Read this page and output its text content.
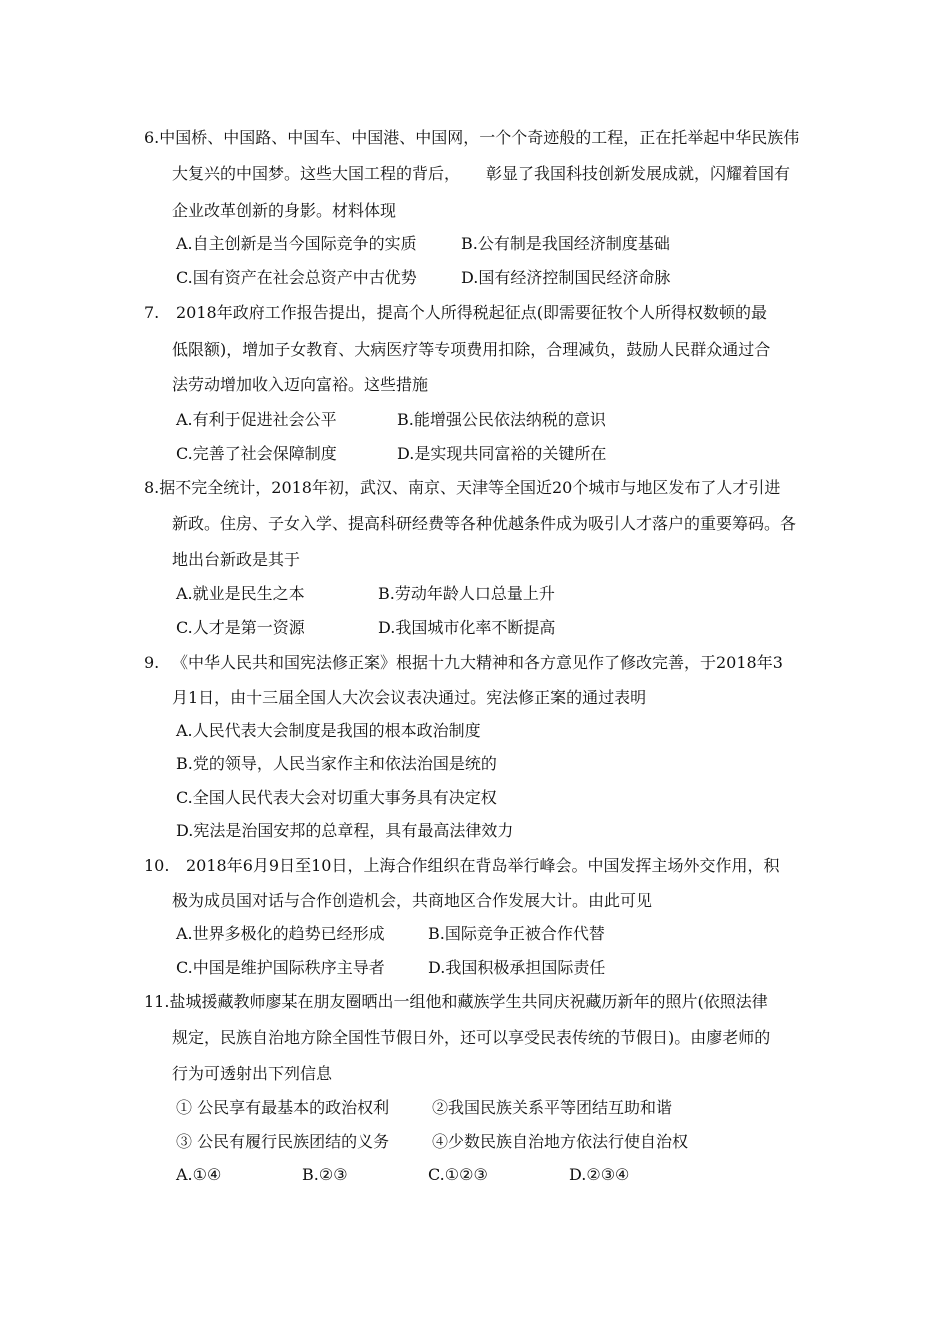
6.中国桥、中国路、中国车、中国港、中国网，一个个奇迹般的工程，正在托举起中华民族伟
大复兴的中国梦。这些大国工程的背后， 彰显了我国科技创新发展成就，闪耀着国有
企业改革创新的身影。材料体现
A.自主创新是当今国际竞争的实质	B.公有制是我国经济制度基础
C.国有资产在社会总资产中古优势	D.国有经济控制国民经济命脉
7. 2018年政府工作报告提出，提高个人所得税起征点(即需要征牧个人所得权数顿的最
低限额)，增加子女教育、大病医疗等专项费用扣除，合理减负，鼓励人民群众通过合
法劳动增加收入迈向富裕。这些措施
A.有利于促进社会公平	B.能增强公民依法纳税的意识
C.完善了社会保障制度	D.是实现共同富裕的关键所在
8.据不完全统计，2018年初，武汉、南京、天津等全国近20个城市与地区发布了人才引进
新政。住房、子女入学、提高科研经费等各种优越条件成为吸引人才落户的重要筹码。各
地出台新政是其于
A.就业是民生之本	B.劳动年龄人口总量上升
C.人才是第一资源	D.我国城市化率不断提高
9. 《中华人民共和国宪法修正案》根据十九大精神和各方意见作了修改完善，于2018年3
月1日，由十三届全国人大次会议表决通过。宪法修正案的通过表明
A.人民代表大会制度是我国的根本政治制度
B.党的领导，人民当家作主和依法治国是统的
C.全国人民代表大会对切重大事务具有决定权
D.宪法是治国安邦的总章程，具有最高法律效力
10. 2018年6月9日至10日，上海合作组织在背岛举行峰会。中国发挥主场外交作用，积
极为成员国对话与合作创造机会，共商地区合作发展大计。由此可见
A.世界多极化的趋势已经形成	B.国际竞争正被合作代替
C.中国是维护国际秩序主导者	D.我国积极承担国际责任
11.盐城援藏教师廖某在朋友圈晒出一组他和藏族学生共同庆祝藏历新年的照片(依照法律
规定，民族自治地方除全国性节假日外，还可以享受民表传统的节假日)。由廖老师的
行为可透射出下列信息
① 公民享有最基本的政治权利	②我国民族关系平等团结互助和谐
③ 公民有履行民族团结的义务	④少数民族自治地方依法行使自治权
A.①④	B.②③	C.①②③	D.②③④
